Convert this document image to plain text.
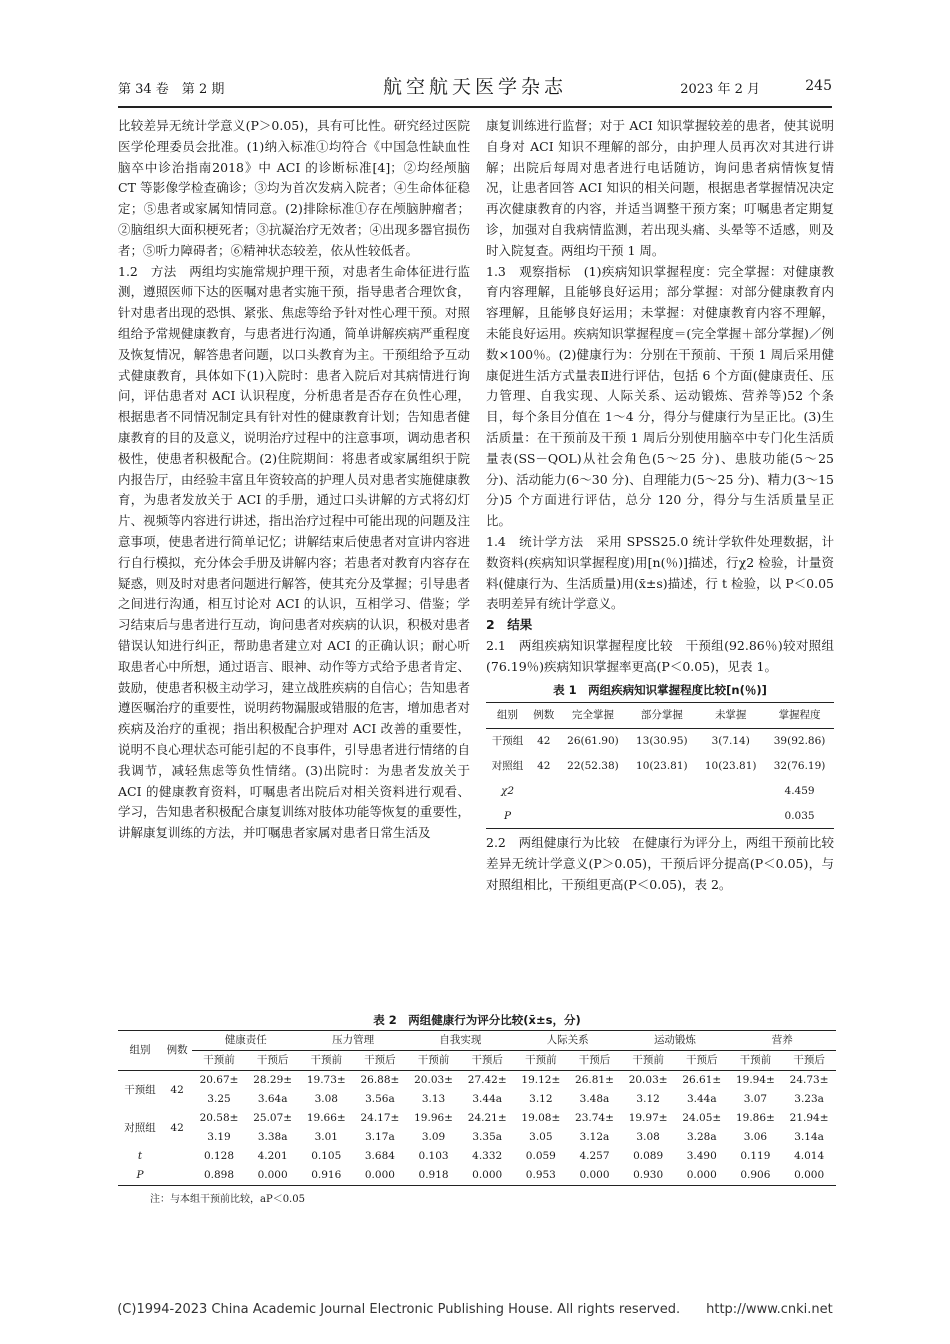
第 34 卷　第 2 期	航空航天医学杂志	2023 年 2 月	245

比较差异无统计学意义(P＞0.05)，具有可比性。研究经过医院医学伦理委员会批准。(1)纳入标准①均符合《中国急性缺血性脑卒中诊治指南2018》中 ACI 的诊断标准[4]；②均经颅脑 CT 等影像学检查确诊；③均为首次发病入院者；④生命体征稳定；⑤患者或家属知情同意。(2)排除标准①存在颅脑肿瘤者；②脑组织大面积梗死者；③抗凝治疗无效者；④出现多器官损伤者；⑤听力障碍者；⑥精神状态较差，依从性较低者。

1.2　方法　两组均实施常规护理干预，对患者生命体征进行监测，遵照医师下达的医嘱对患者实施干预，指导患者合理饮食，针对患者出现的恐惧、紧张、焦虑等给予针对性心理干预。对照组给予常规健康教育，与患者进行沟通，简单讲解疾病严重程度及恢复情况，解答患者问题，以口头教育为主。干预组给予互动式健康教育，具体如下(1)入院时：患者入院后对其病情进行询问，评估患者对 ACI 认识程度，分析患者是否存在负性心理，根据患者不同情况制定具有针对性的健康教育计划；告知患者健康教育的目的及意义，说明治疗过程中的注意事项，调动患者积极性，使患者积极配合。(2)住院期间：将患者或家属组织于院内报告厅，由经验丰富且年资较高的护理人员对患者实施健康教育，为患者发放关于 ACI 的手册，通过口头讲解的方式将幻灯片、视频等内容进行讲述，指出治疗过程中可能出现的问题及注意事项，使患者进行简单记忆；讲解结束后使患者对宣讲内容进行自行模拟，充分体会手册及讲解内容；若患者对教育内容存在疑惑，则及时对患者问题进行解答，使其充分及掌握；引导患者之间进行沟通，相互讨论对 ACI 的认识，互相学习、借鉴；学习结束后与患者进行互动，询问患者对疾病的认识，积极对患者错误认知进行纠正，帮助患者建立对 ACI 的正确认识；耐心听取患者心中所想，通过语言、眼神、动作等方式给予患者肯定、鼓励，使患者积极主动学习，建立战胜疾病的自信心；告知患者遵医嘱治疗的重要性，说明药物漏服或错服的危害，增加患者对疾病及治疗的重视；指出积极配合护理对 ACI 改善的重要性，说明不良心理状态可能引起的不良事件，引导患者进行情绪的自我调节，减轻焦虑等负性情绪。(3)出院时：为患者发放关于 ACI 的健康教育资料，叮嘱患者出院后对相关资料进行观看、学习，告知患者积极配合康复训练对肢体功能等恢复的重要性，讲解康复训练的方法，并叮嘱患者家属对患者日常生活及

康复训练进行监督；对于 ACI 知识掌握较差的患者，使其说明自身对 ACI 知识不理解的部分，由护理人员再次对其进行讲解；出院后每周对患者进行电话随访，询问患者病情恢复情况，让患者回答 ACI 知识的相关问题，根据患者掌握情况决定再次健康教育的内容，并适当调整干预方案；叮嘱患者定期复诊，加强对自我病情监测，若出现头痛、头晕等不适感，则及时入院复查。两组均干预 1 周。

1.3　观察指标　(1)疾病知识掌握程度：完全掌握：对健康教育内容理解，且能够良好运用；部分掌握：对部分健康教育内容理解，且能够良好运用；未掌握：对健康教育内容不理解，未能良好运用。疾病知识掌握程度＝(完全掌握＋部分掌握)／例数×100％。(2)健康行为：分别在干预前、干预 1 周后采用健康促进生活方式量表Ⅱ进行评估，包括 6 个方面(健康责任、压力管理、自我实现、人际关系、运动锻炼、营养等)52 个条目，每个条目分值在 1～4 分，得分与健康行为呈正比。(3)生活质量：在干预前及干预 1 周后分别使用脑卒中专门化生活质量表(SS－QOL)从社会角色(5～25 分)、患肢功能(5～25 分)、活动能力(6～30 分)、自理能力(5～25 分)、精力(3～15 分)5 个方面进行评估，总分 120 分，得分与生活质量呈正比。

1.4　统计学方法　采用 SPSS25.0 统计学软件处理数据，计数资料(疾病知识掌握程度)用[n(％)]描述，行χ2 检验，计量资料(健康行为、生活质量)用(x̄±s)描述，行 t 检验，以 P＜0.05 表明差异有统计学意义。

2　结果

2.1　两组疾病知识掌握程度比较　干预组(92.86％)较对照组(76.19％)疾病知识掌握率更高(P＜0.05)，见表 1。

表 1　两组疾病知识掌握程度比较[n(％)]
组别	例数	完全掌握	部分掌握	未掌握	掌握程度
干预组	42	26(61.90)	13(30.95)	3(7.14)	39(92.86)
对照组	42	22(52.38)	10(23.81)	10(23.81)	32(76.19)
χ2					4.459
P					0.035

2.2　两组健康行为比较　在健康行为评分上，两组干预前比较差异无统计学意义(P＞0.05)，干预后评分提高(P＜0.05)，与对照组相比，干预组更高(P＜0.05)，表 2。

表 2　两组健康行为评分比较(x̄±s，分)
组别	例数	健康责任		压力管理		自我实现		人际关系		运动锻炼		营养	
		干预前	干预后	干预前	干预后	干预前	干预后	干预前	干预后	干预前	干预后	干预前	干预后
干预组	42	20.67±	28.29±	19.73±	26.88±	20.03±	27.42±	19.12±	26.81±	20.03±	26.61±	19.94±	24.73±
		3.25	3.64a	3.08	3.56a	3.13	3.44a	3.12	3.48a	3.12	3.44a	3.07	3.23a
对照组	42	20.58±	25.07±	19.66±	24.17±	19.96±	24.21±	19.08±	23.74±	19.97±	24.05±	19.86±	21.94±
		3.19	3.38a	3.01	3.17a	3.09	3.35a	3.05	3.12a	3.08	3.28a	3.06	3.14a
t		0.128	4.201	0.105	3.684	0.103	4.332	0.059	4.257	0.089	3.490	0.119	4.014
P		0.898	0.000	0.916	0.000	0.918	0.000	0.953	0.000	0.930	0.000	0.906	0.000
注：与本组干预前比较，aP＜0.05
(C)1994-2023 China Academic Journal Electronic Publishing House. All rights reserved.　　http://www.cnki.net
